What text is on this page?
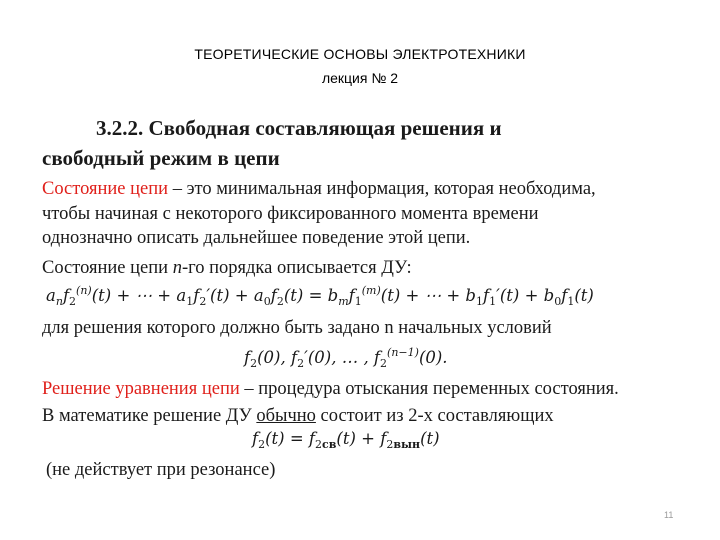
ТЕОРЕТИЧЕСКИЕ ОСНОВЫ ЭЛЕКТРОТЕХНИКИ
лекция № 2
3.2.2. Свободная составляющая решения и
свободный режим в цепи
Состояние цепи – это минимальная информация, которая необходима,
чтобы начиная с некоторого фиксированного момента времени
однозначно описать дальнейшее поведение этой цепи.
Состояние цепи n-го порядка описывается ДУ:
$a_nf_2^{(n)}(t)$ + ⋯ + $a_1f_2'(t) + a_0f_2(t) = b_mf_1^{(m)}(t)$ + ⋯ + $b_1f_1'(t) + b_0f_1(t)$
для решения которого должно быть задано n начальных условий
$f_2(0)$, $f_2'(0)$, … , $f_2^{(n-1)}(0)$.
Решение уравнения цепи – процедура отыскания переменных состояния.
В математике решение ДУ обычно состоит из 2-х составляющих
$f_2(t) = f_{2св}(t) + f_{2вын}(t)$
(не действует при резонансе)
11
